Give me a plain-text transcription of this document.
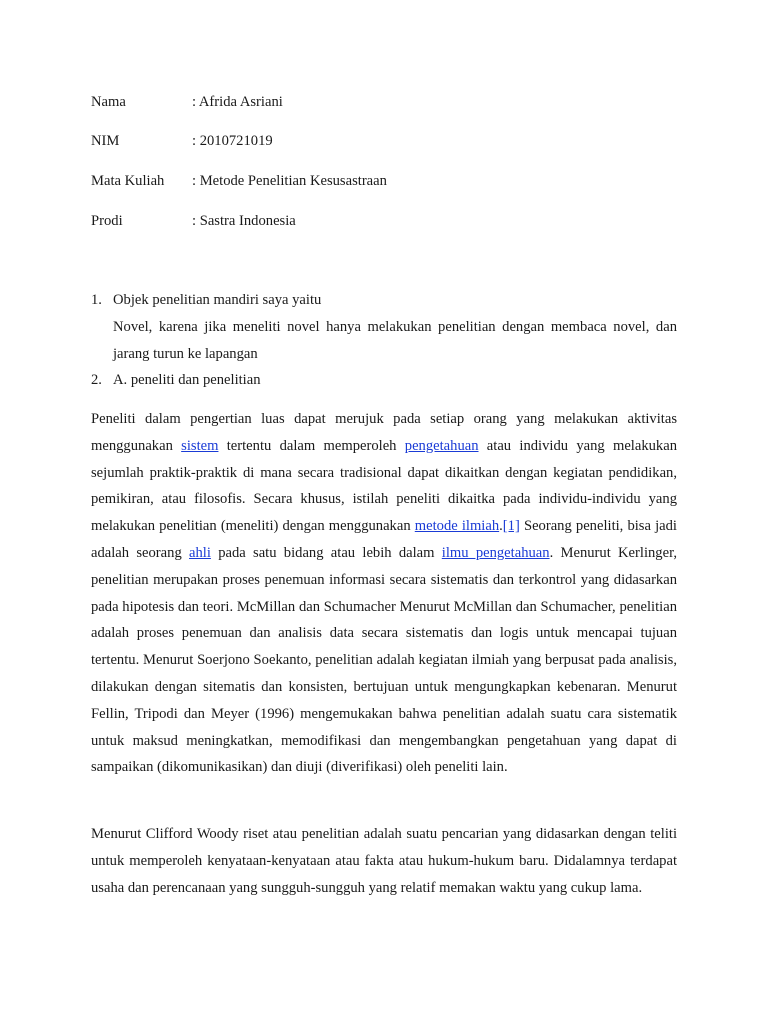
Nama	: Afrida Asriani
NIM	: 2010721019
Mata Kuliah : Metode Penelitian Kesusastraan
Prodi	: Sastra Indonesia
1. Objek penelitian mandiri saya yaitu
Novel, karena jika meneliti novel hanya melakukan penelitian dengan membaca novel, dan jarang turun ke lapangan
2. A. peneliti dan penelitian

Peneliti dalam pengertian luas dapat merujuk pada setiap orang yang melakukan aktivitas menggunakan sistem tertentu dalam memperoleh pengetahuan atau individu yang melakukan sejumlah praktik-praktik di mana secara tradisional dapat dikaitkan dengan kegiatan pendidikan, pemikiran, atau filosofis. Secara khusus, istilah peneliti dikaitka pada individu-individu yang melakukan penelitian (meneliti) dengan menggunakan metode ilmiah.[1] Seorang peneliti, bisa jadi adalah seorang ahli pada satu bidang atau lebih dalam ilmu pengetahuan. Menurut Kerlinger, penelitian merupakan proses penemuan informasi secara sistematis dan terkontrol yang didasarkan pada hipotesis dan teori. McMillan dan Schumacher Menurut McMillan dan Schumacher, penelitian adalah proses penemuan dan analisis data secara sistematis dan logis untuk mencapai tujuan tertentu. Menurut Soerjono Soekanto, penelitian adalah kegiatan ilmiah yang berpusat pada analisis, dilakukan dengan sitematis dan konsisten, bertujuan untuk mengungkapkan kebenaran. Menurut Fellin, Tripodi dan Meyer (1996) mengemukakan bahwa penelitian adalah suatu cara sistematik untuk maksud meningkatkan, memodifikasi dan mengembangkan pengetahuan yang dapat di sampaikan (dikomunikasikan) dan diuji (diverifikasi) oleh peneliti lain.

Menurut Clifford Woody riset atau penelitian adalah suatu pencarian yang didasarkan dengan teliti untuk memperoleh kenyataan-kenyataan atau fakta atau hukum-hukum baru. Didalamnya terdapat usaha dan perencanaan yang sungguh-sungguh yang relatif memakan waktu yang cukup lama.
